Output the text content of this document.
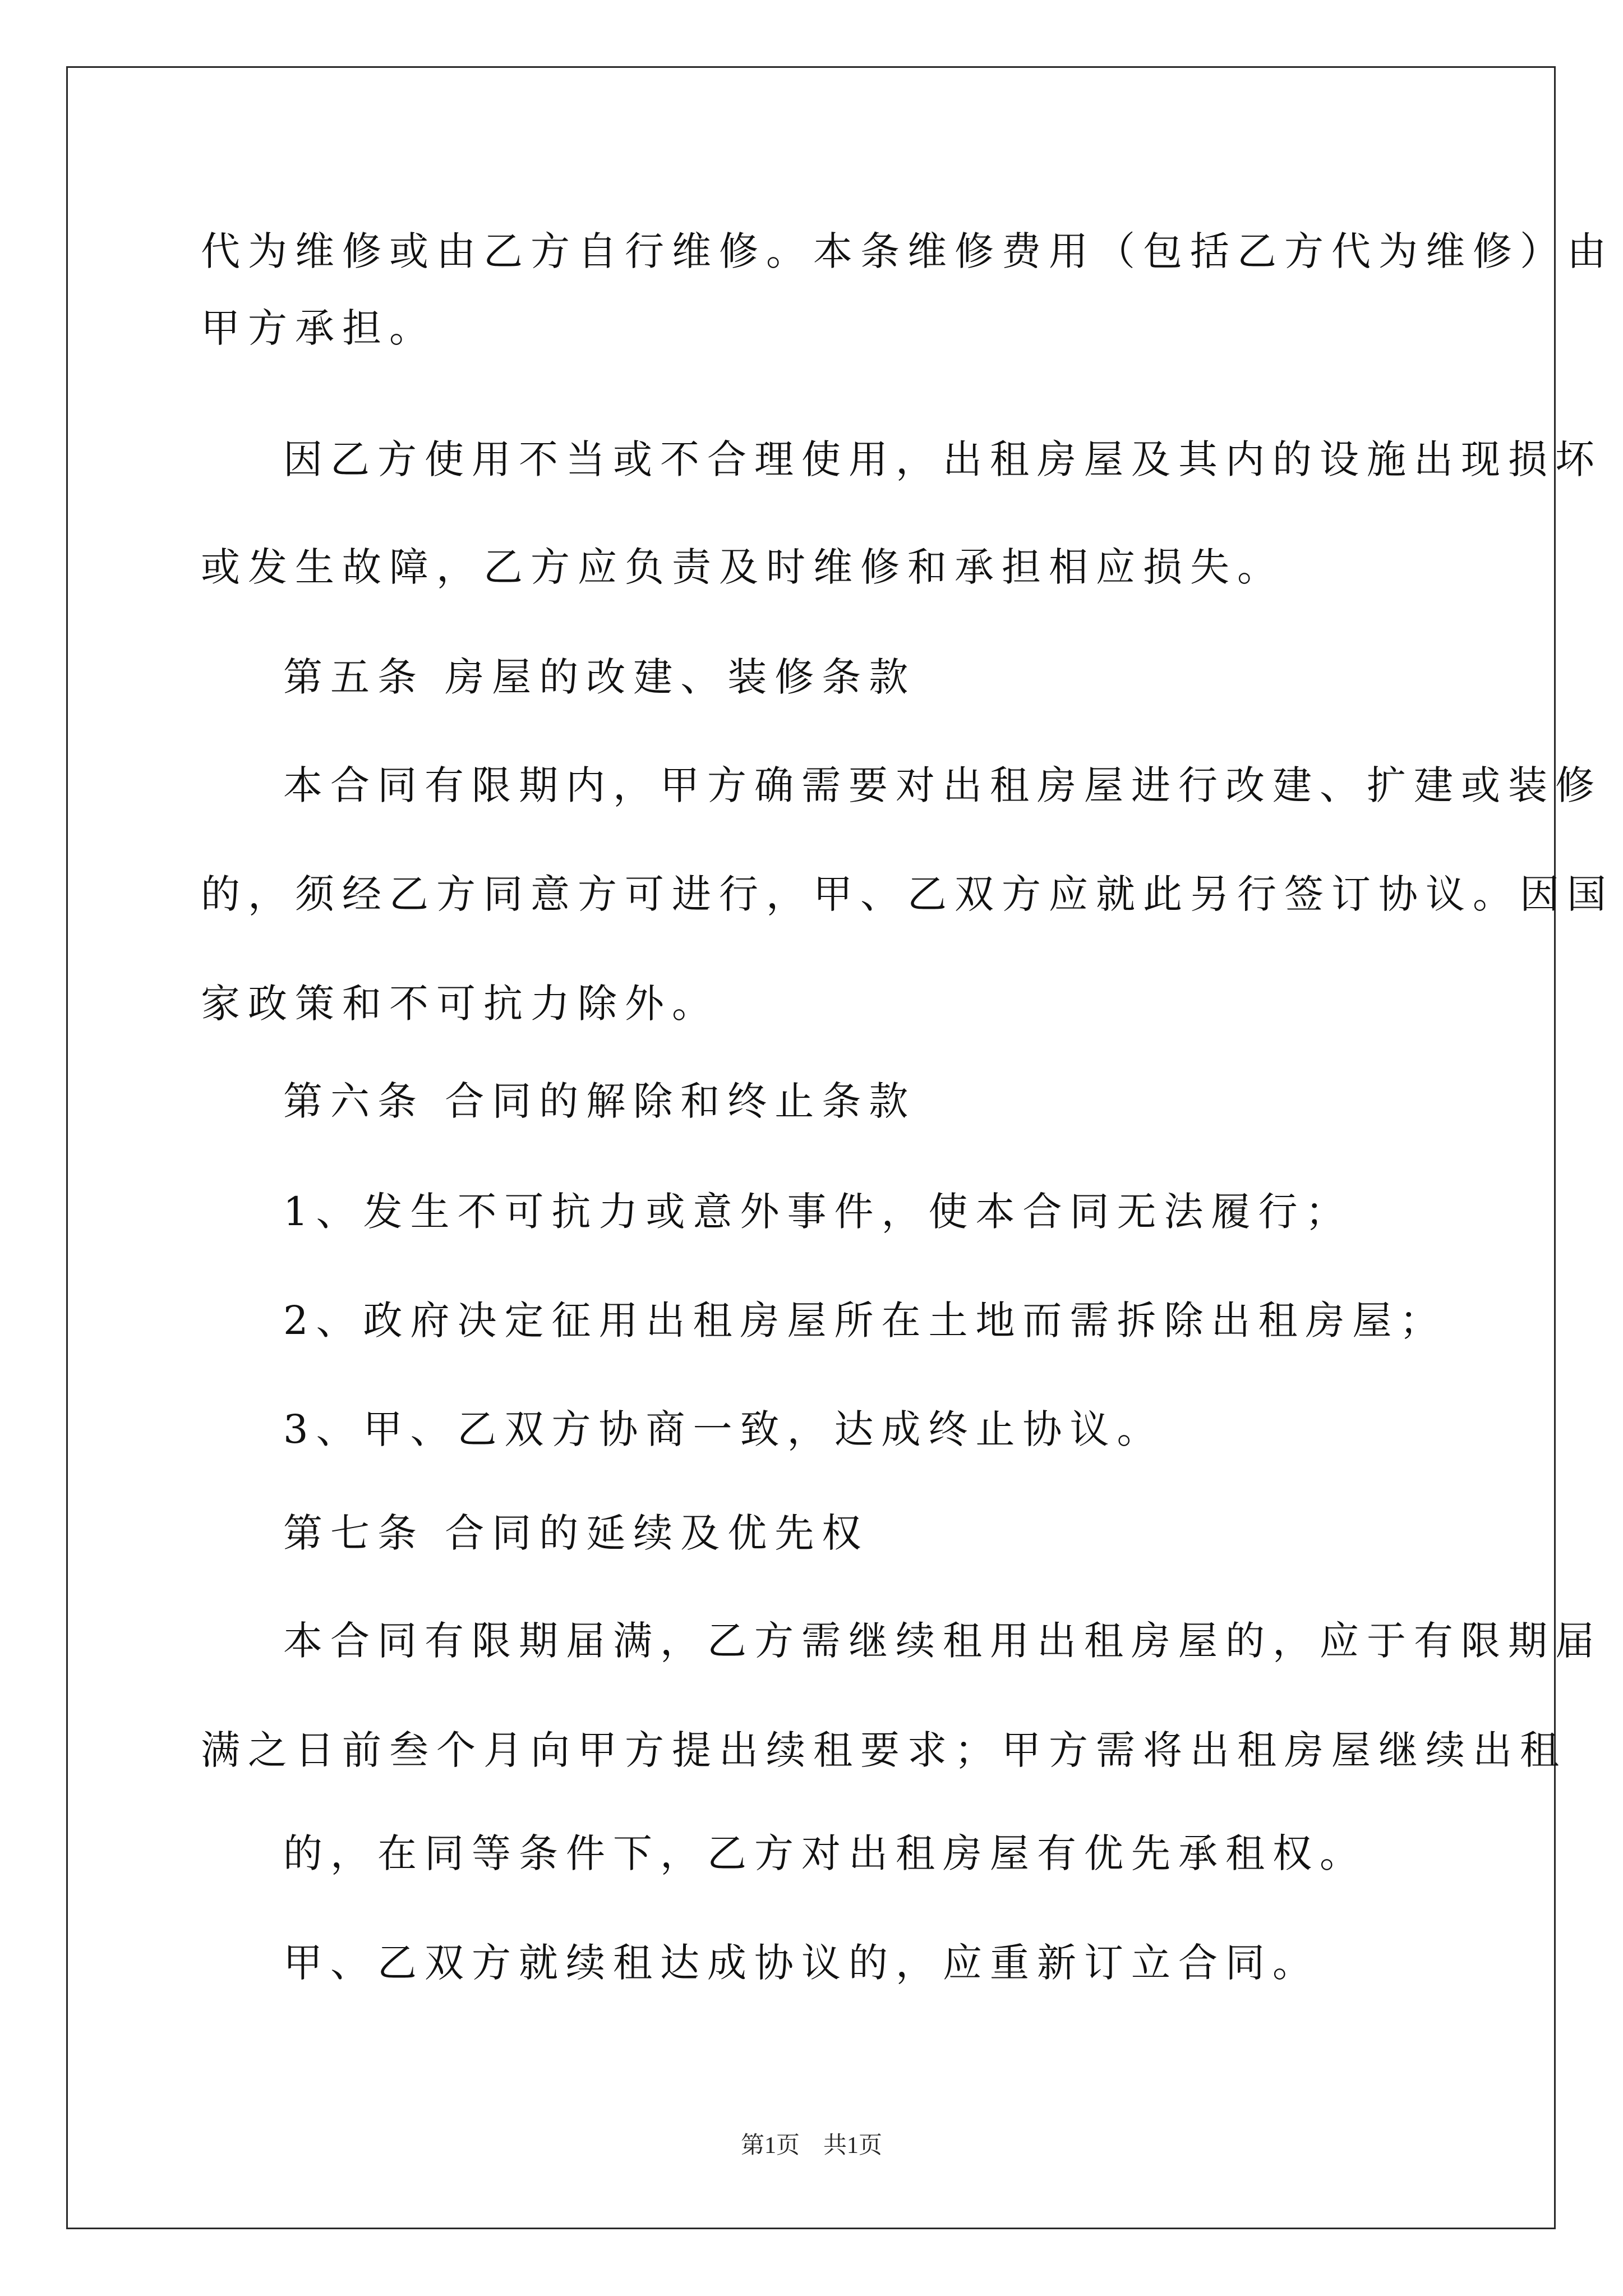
代为维修或由乙方自行维修。本条维修费用（包括乙方代为维修）由
甲方承担。
因乙方使用不当或不合理使用，出租房屋及其内的设施出现损坏
或发生故障，乙方应负责及时维修和承担相应损失。
第五条 房屋的改建、装修条款
本合同有限期内，甲方确需要对出租房屋进行改建、扩建或装修
的，须经乙方同意方可进行，甲、乙双方应就此另行签订协议。因国
家政策和不可抗力除外。
第六条 合同的解除和终止条款
1、发生不可抗力或意外事件，使本合同无法履行；
2、政府决定征用出租房屋所在土地而需拆除出租房屋；
3、甲、乙双方协商一致，达成终止协议。
第七条 合同的延续及优先权
本合同有限期届满，乙方需继续租用出租房屋的，应于有限期届
满之日前叁个月向甲方提出续租要求；甲方需将出租房屋继续出租
的，在同等条件下，乙方对出租房屋有优先承租权。
甲、乙双方就续租达成协议的，应重新订立合同。
第1页　共1页
